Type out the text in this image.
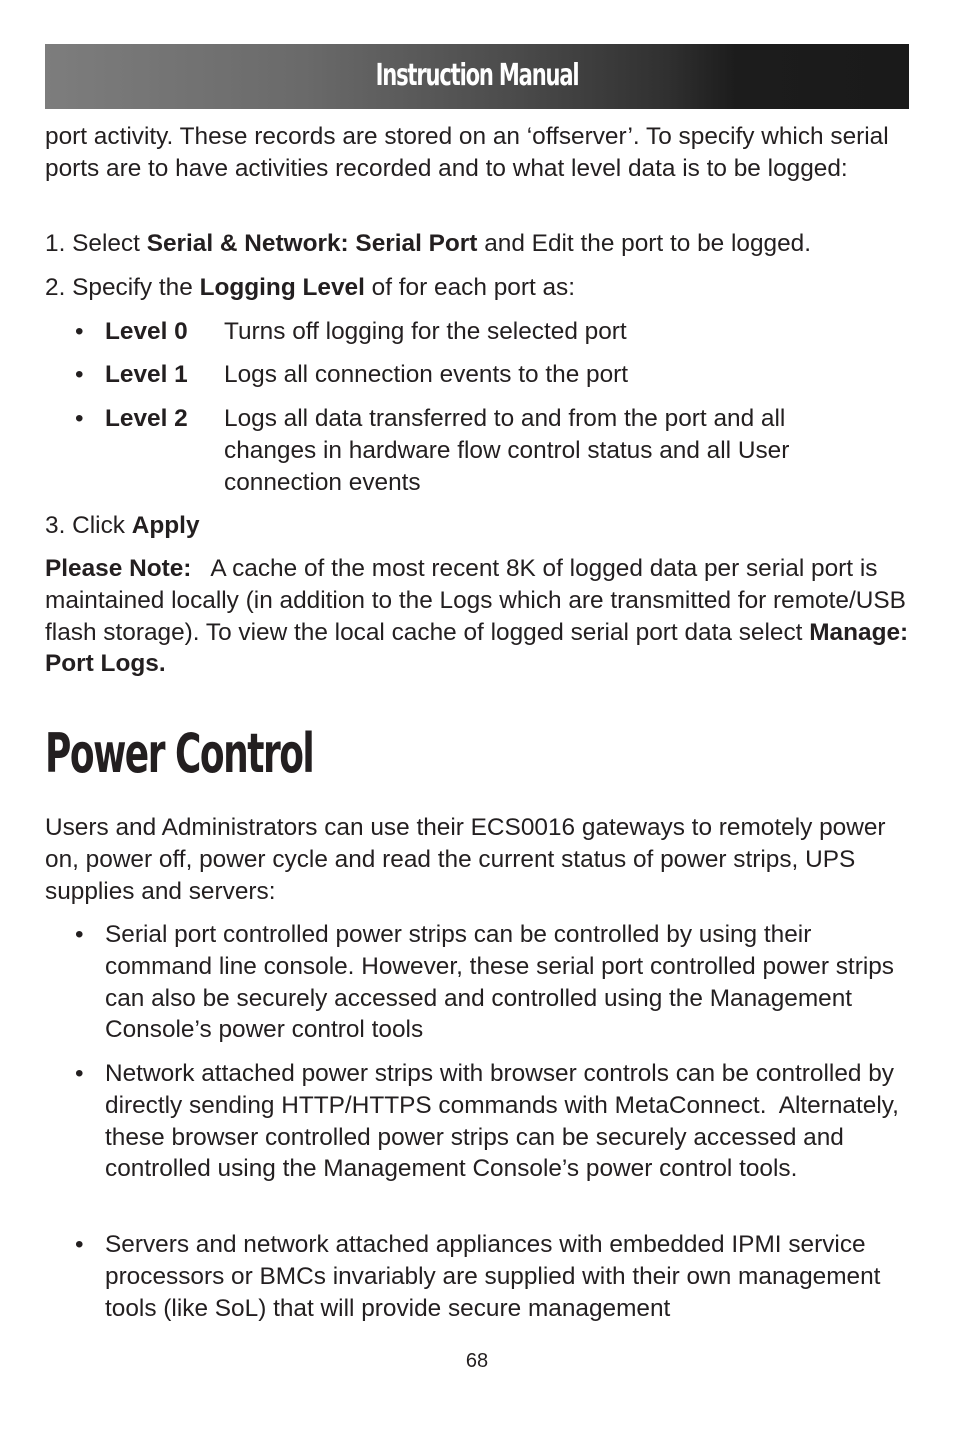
Instruction Manual

port activity. These records are stored on an ‘offserver’. To specify which serial ports are to have activities recorded and to what level data is to be logged:

1. Select Serial & Network: Serial Port and Edit the port to be logged.

2. Specify the Logging Level of for each port as:

• Level 0 Turns off logging for the selected port
• Level 1 Logs all connection events to the port
• Level 2 Logs all data transferred to and from the port and all changes in hardware flow control status and all User connection events

3. Click Apply

Please Note:   A cache of the most recent 8K of logged data per serial port is maintained locally (in addition to the Logs which are transmitted for remote/USB flash storage). To view the local cache of logged serial port data select Manage: Port Logs.

Users and Administrators can use their ECS0016 gateways to remotely power on, power off, power cycle and read the current status of power strips, UPS supplies and servers:

• Serial port controlled power strips can be controlled by using their command line console. However, these serial port controlled power strips can also be securely accessed and controlled using the Management Console’s power control tools
• Network attached power strips with browser controls can be controlled by directly sending HTTP/HTTPS commands with MetaConnect.  Alternately, these browser controlled power strips can be securely accessed and controlled using the Management Console’s power control tools.
• Servers and network attached appliances with embedded IPMI service processors or BMCs invariably are supplied with their own management tools (like SoL) that will provide secure management
Power Control
68
